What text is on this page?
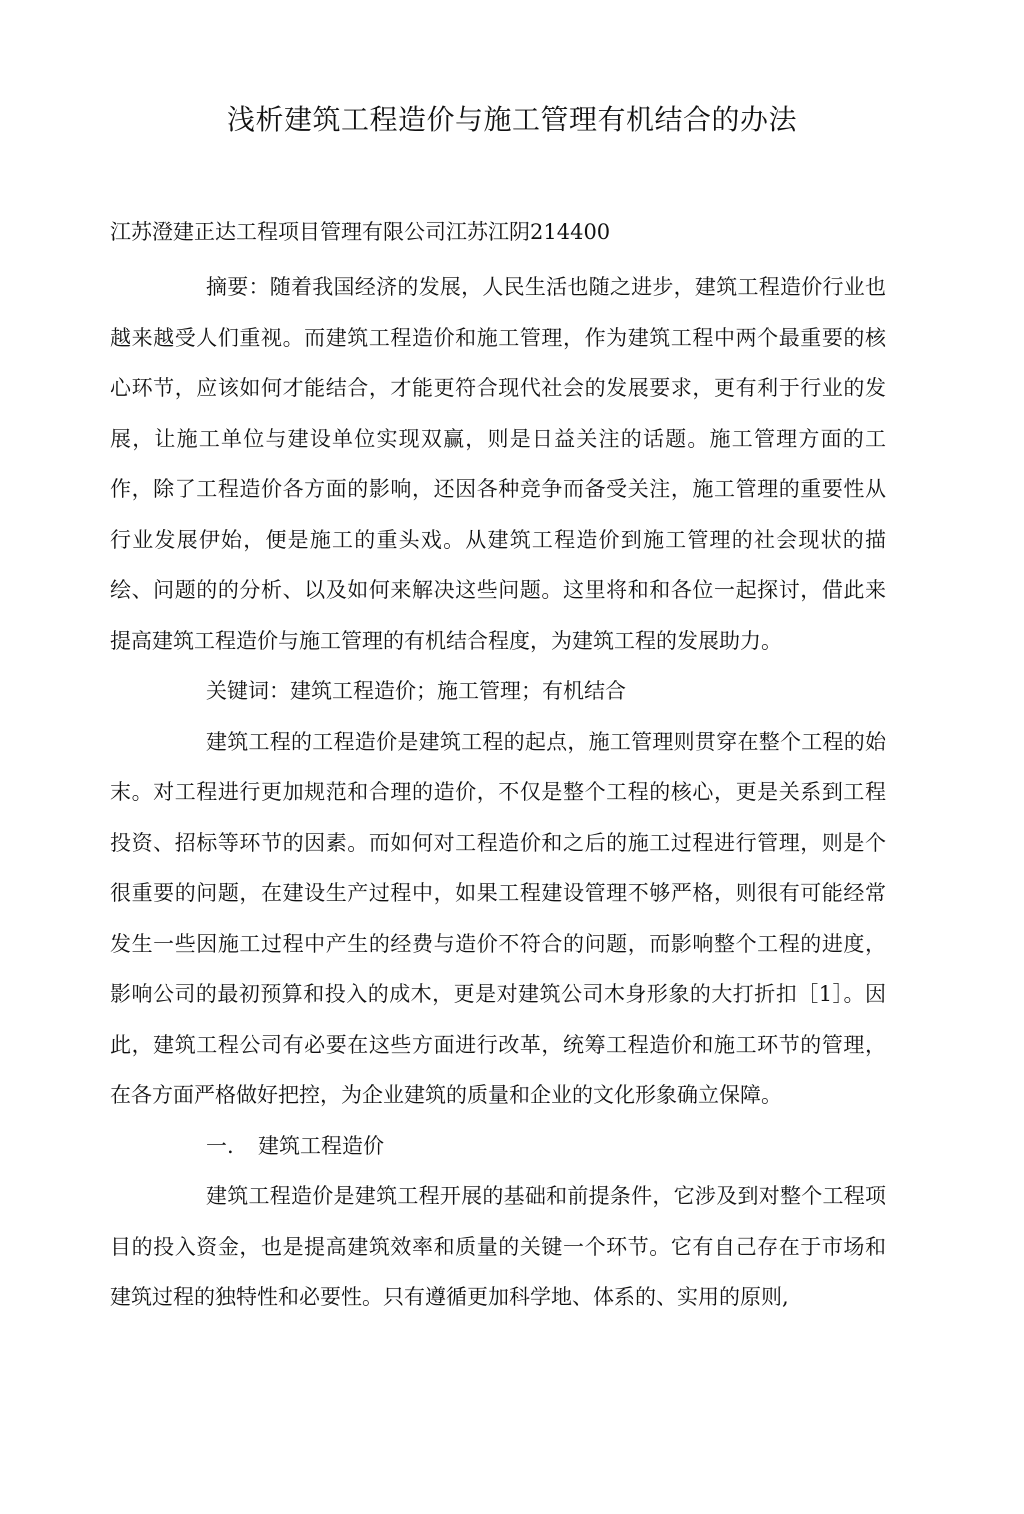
浅析建筑工程造价与施工管理有机结合的办法
江苏澄建正达工程项目管理有限公司江苏江阴214400

摘要：随着我国经济的发展，人民生活也随之进步，建筑工程造价行业也越来越受人们重视。而建筑工程造价和施工管理，作为建筑工程中两个最重要的核心环节，应该如何才能结合，才能更符合现代社会的发展要求，更有利于行业的发展，让施工单位与建设单位实现双赢，则是日益关注的话题。施工管理方面的工作，除了工程造价各方面的影响，还因各种竞争而备受关注，施工管理的重要性从行业发展伊始，便是施工的重头戏。从建筑工程造价到施工管理的社会现状的描绘、问题的的分析、以及如何来解决这些问题。这里将和和各位一起探讨，借此来提高建筑工程造价与施工管理的有机结合程度，为建筑工程的发展助力。

关键词：建筑工程造价；施工管理；有机结合

建筑工程的工程造价是建筑工程的起点，施工管理则贯穿在整个工程的始末。对工程进行更加规范和合理的造价，不仅是整个工程的核心，更是关系到工程投资、招标等环节的因素。而如何对工程造价和之后的施工过程进行管理，则是个很重要的问题，在建设生产过程中，如果工程建设管理不够严格，则很有可能经常发生一些因施工过程中产生的经费与造价不符合的问题，而影响整个工程的进度，影响公司的最初预算和投入的成木，更是对建筑公司木身形象的大打折扣［1］。因此，建筑工程公司有必要在这些方面进行改革，统筹工程造价和施工环节的管理，在各方面严格做好把控，为企业建筑的质量和企业的文化形象确立保障。

一. 建筑工程造价

建筑工程造价是建筑工程开展的基础和前提条件，它涉及到对整个工程项目的投入资金，也是提高建筑效率和质量的关键一个环节。它有自己存在于市场和建筑过程的独特性和必要性。只有遵循更加科学地、体系的、实用的原则,
